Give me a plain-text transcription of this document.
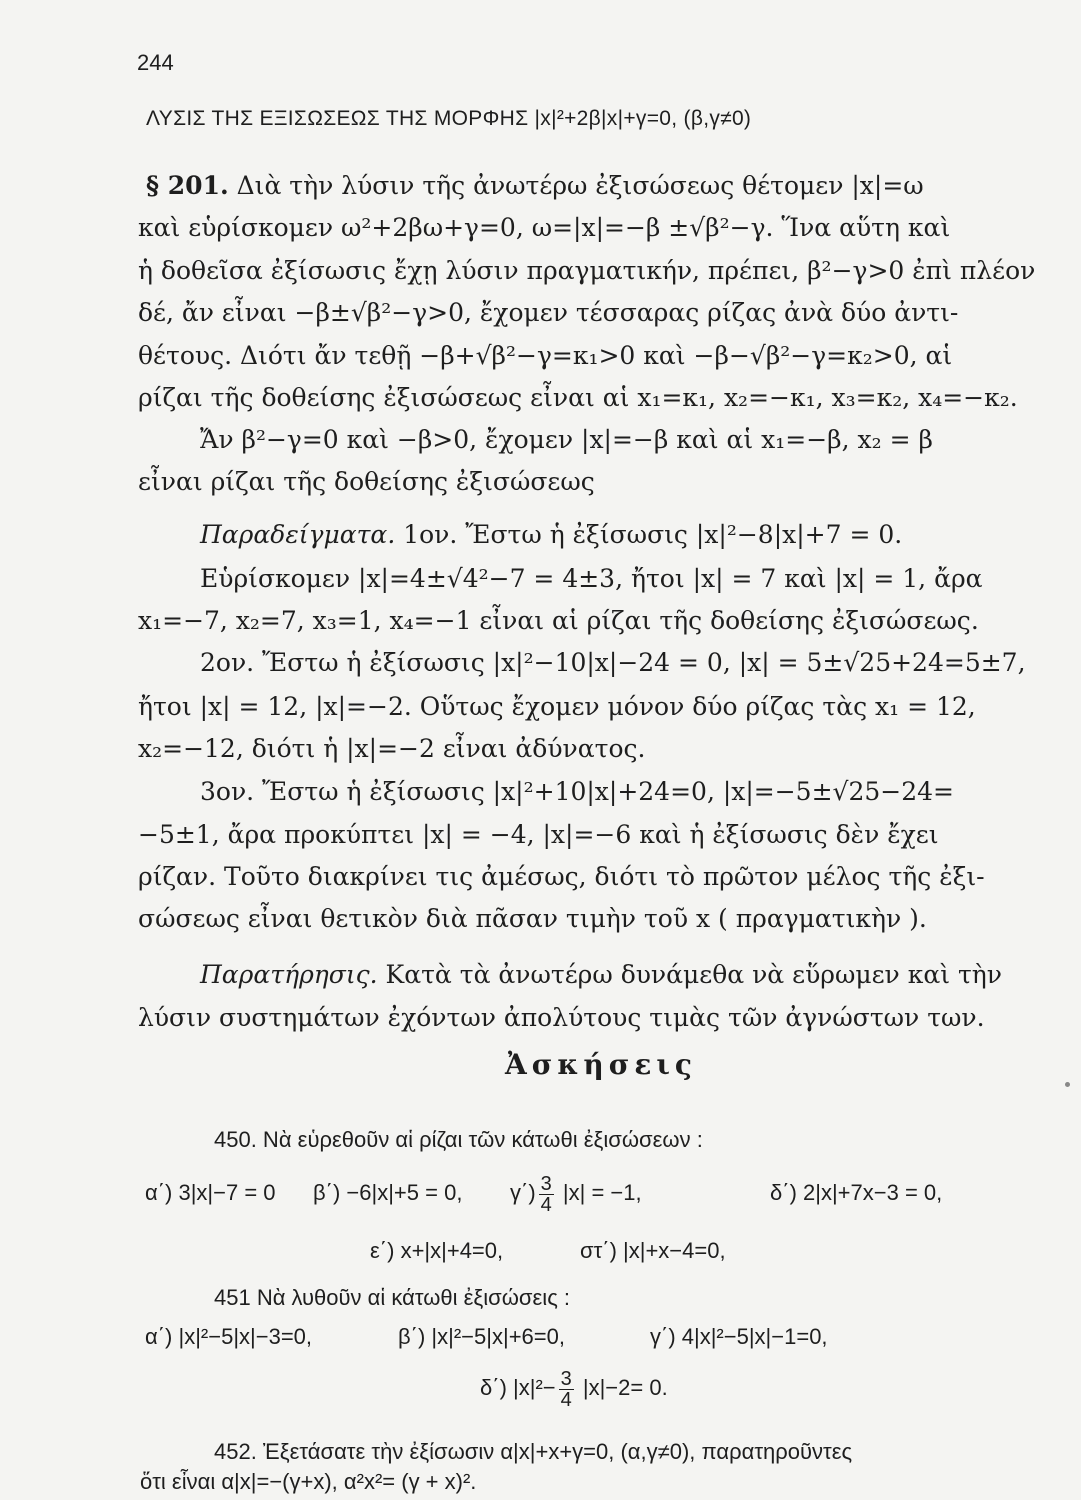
244
ΛΥΣΙΣ ΤΗΣ ΕΞΙΣΩΣΕΩΣ ΤΗΣ ΜΟΡΦΗΣ |x|²+2β|x|+γ=0, (β,γ≠0)
§ 201. Διὰ τὴν λύσιν τῆς ἀνωτέρω ἐξισώσεως θέτομεν |x|=ω
καὶ εὑρίσκομεν ω²+2βω+γ=0, ω=|x|=−β ±√β²−γ. Ἵνα αὕτη καὶ
ἡ δοθεῖσα ἐξίσωσις ἔχῃ λύσιν πραγματικήν, πρέπει, β²−γ>0 ἐπὶ πλέον
δέ, ἄν εἶναι −β±√β²−γ>0, ἔχομεν τέσσαρας ρίζας ἀνὰ δύο ἀντι-
θέτους. Διότι ἄν τεθῇ −β+√β²−γ=κ₁>0 καὶ −β−√β²−γ=κ₂>0, αἱ
ρίζαι τῆς δοθείσης ἐξισώσεως εἶναι αἱ x₁=κ₁, x₂=−κ₁, x₃=κ₂, x₄=−κ₂.
Ἄν β²−γ=0 καὶ −β>0, ἔχομεν |x|=−β καὶ αἱ x₁=−β, x₂ = β
εἶναι ρίζαι τῆς δοθείσης ἐξισώσεως
Παραδείγματα. 1ον. Ἔστω ἡ ἐξίσωσις |x|²−8|x|+7 = 0.
Εὑρίσκομεν |x|=4±√4²−7 = 4±3, ἤτοι |x| = 7 καὶ |x| = 1, ἄρα
x₁=−7, x₂=7, x₃=1, x₄=−1 εἶναι αἱ ρίζαι τῆς δοθείσης ἐξισώσεως.
2ον. Ἔστω ἡ ἐξίσωσις |x|²−10|x|−24 = 0, |x| = 5±√25+24=5±7,
ἤτοι |x| = 12, |x|=−2. Οὕτως ἔχομεν μόνον δύο ρίζας τὰς x₁ = 12,
x₂=−12, διότι ἡ |x|=−2 εἶναι ἀδύνατος.
3ον. Ἔστω ἡ ἐξίσωσις |x|²+10|x|+24=0, |x|=−5±√25−24=
−5±1, ἄρα προκύπτει |x| = −4, |x|=−6 καὶ ἡ ἐξίσωσις δὲν ἔχει
ρίζαν. Τοῦτο διακρίνει τις ἀμέσως, διότι τὸ πρῶτον μέλος τῆς ἐξι-
σώσεως εἶναι θετικὸν διὰ πᾶσαν τιμὴν τοῦ x ( πραγματικὴν ).
Παρατήρησις. Κατὰ τὰ ἀνωτέρω δυνάμεθα νὰ εὕρωμεν καὶ τὴν
λύσιν συστημάτων ἐχόντων ἀπολύτους τιμὰς τῶν ἀγνώστων των.
Ἀσκήσεις
450. Νὰ εὑρεθοῦν αἱ ρίζαι τῶν κάτωθι ἐξισώσεων :
α΄) 3|x|−7 = 0 β΄) −6|x|+5 = 0, $\gamma΄) \frac{3}{4} |x| = -1$,	δ΄) 2|x|+7x−3 = 0,
ε΄) x+|x|+4=0,	στ΄) |x|+x−4=0,
451 Νὰ λυθοῦν αἱ κάτωθι ἐξισώσεις :
α΄) |x|²−5|x|−3=0,	β΄) |x|²−5|x|+6=0,	γ΄) 4|x|²−5|x|−1=0,
δ΄) $|x|^2- \frac{3}{4} |x|-2= 0$.
452. Ἐξετάσατε τὴν ἐξίσωσιν α|x|+x+γ=0, (α,γ≠0), παρατηροῦντες
ὅτι εἶναι α|x|=−(γ+x), α²x²= (γ + x)².
